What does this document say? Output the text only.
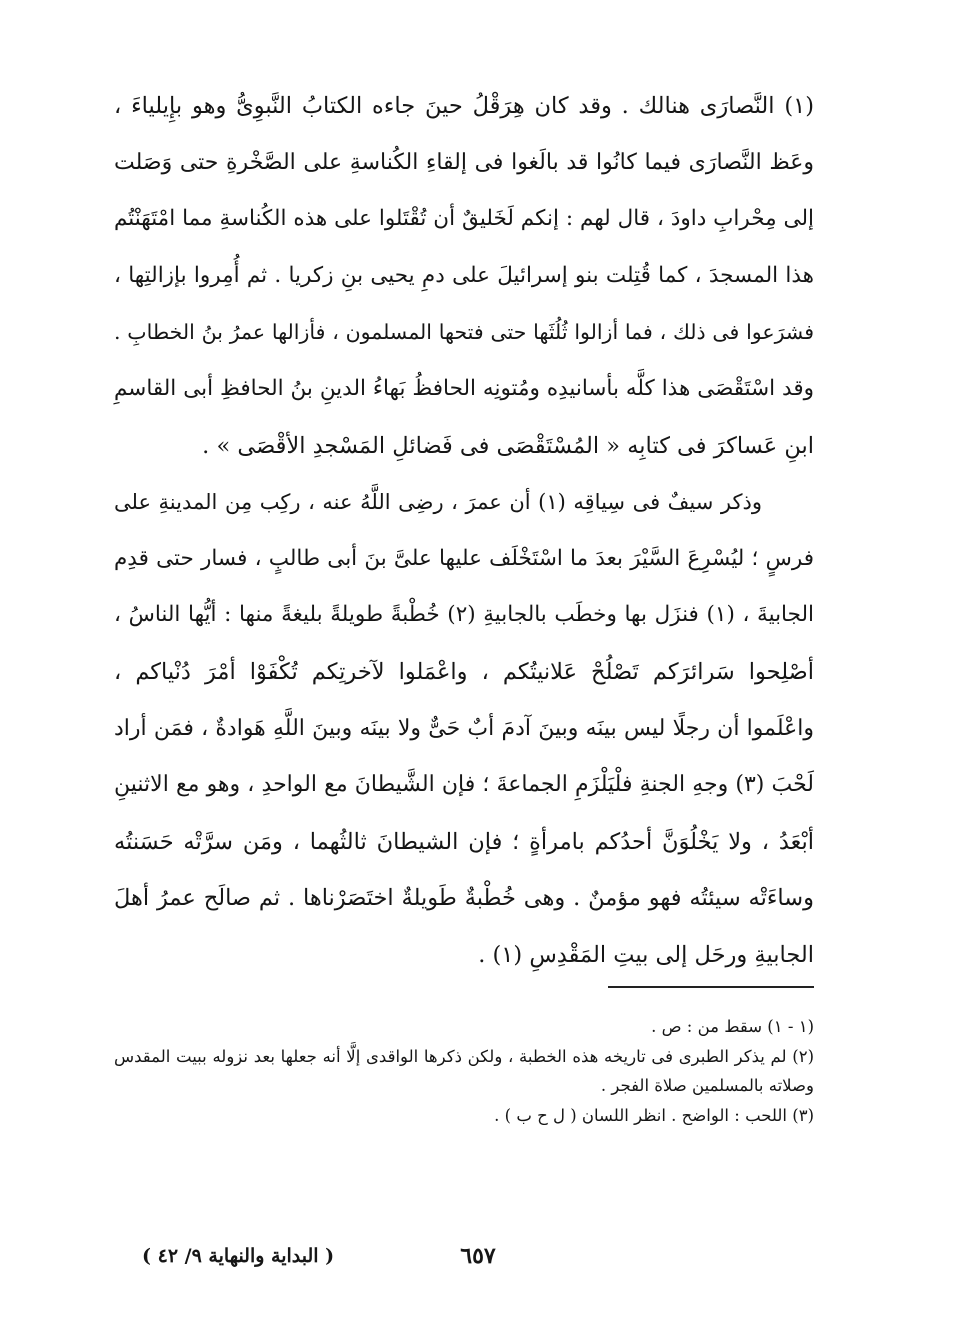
(١) النَّصارَى هنالك . وقد كان هِرَقْلُ حينَ جاءه الكتابُ النَّبوِىُّ وهو بإِيلياءَ ،
وعَظ النَّصارَى فيما كانُوا قد بالَغوا فى إلقاءِ الكُناسةِ على الصَّخْرةِ حتى وَصَلت
إلى مِحْرابِ داودَ ، قال لهم : إنكم لَخَليقٌ أن تُقْتَلوا على هذه الكُناسةِ مما امْتَهَنْتُم
هذا المسجدَ ، كما قُتِلت بنو إسرائيلَ على دمِ يحيى بنِ زكريا . ثم أُمِروا بإزالتِها ،
فشرَعوا فى ذلك ، فما أزالوا ثُلُثَها حتى فتحها المسلمون ، فأزالها عمرُ بنُ الخطابِ .
وقد اسْتَقْصَى هذا كلَّه بأسانيدِه ومُتونِه الحافظُ بَهاءُ الدينِ بنُ الحافظِ أبى القاسمِ
ابنِ عَساكرَ فى كتابِه « المُسْتَقْصَى فى فَضائلِ المَسْجدِ الأقْصَى » .
وذكر سيفٌ فى سِياقِه (١) أن عمرَ ، رضِى اللَّهُ عنه ، ركِب مِن المدينةِ على
فرسٍ ؛ ليُسْرِعَ السَّيْرَ بعدَ ما اسْتَخْلَف عليها علىَّ بنَ أبى طالبٍ ، فسار حتى قدِم
الجابيةَ ، (١) فنزَل بها وخطَب بالجابيةِ (٢) خُطْبةً طويلةً بليغةً منها : أيُّها الناسُ ،
أصْلِحوا سَرائرَكم تَصْلُحْ عَلانيتُكم ، واعْمَلوا لآخرتِكم تُكْفَوْا أمْرَ دُنْياكم ،
واعْلَموا أن رجلًا ليس بينَه وبينَ آدمَ أبٌ حَىٌّ ولا بينَه وبينَ اللَّهِ هَوادةٌ ، فمَن أراد
لَحْبَ (٣) وجهِ الجنةِ فلْيَلْزَمِ الجماعةَ ؛ فإن الشَّيطانَ مع الواحدِ ، وهو مع الاثنينِ
أبْعَدُ ، ولا يَخْلُوَنَّ أحدُكم بامرأةٍ ؛ فإن الشيطانَ ثالثُهما ، ومَن سرَّتْه حَسَنتُه
وساءَتْه سيئتُه فهو مؤمنٌ . وهى خُطْبةٌ طَويلةٌ اختَصَرْناها . ثم صالَح عمرُ أهلَ
الجابيةِ ورحَل إلى بيتِ المَقْدِسِ (١) .
(١ - ١) سقط من : ص .
(٢) لم يذكر الطبرى فى تاريخه هذه الخطبة ، ولكن ذكرها الواقدى إلَّا أنه جعلها بعد نزوله ببيت المقدس
وصلاته بالمسلمين صلاة الفجر .
(٣) اللحب : الواضح . انظر اللسان ( ل ح ب ) .
٦٥٧
( البداية والنهاية ٩/ ٤٢ )
